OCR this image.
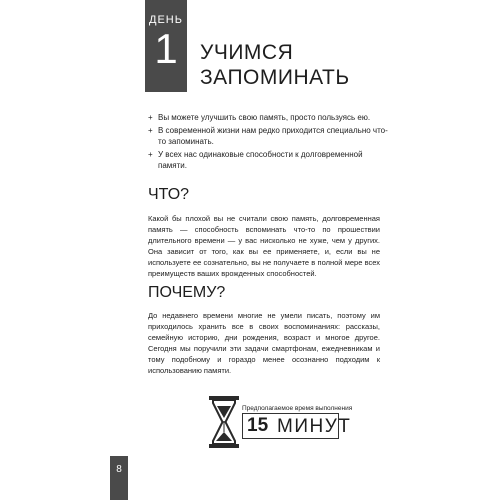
ДЕНЬ
1	УЧИМСЯ
ЗАПОМИНАТЬ
+ Вы можете улучшить свою память, просто пользуясь ею.
+ В современной жизни нам редко приходится специально что-то запоминать.
+ У всех нас одинаковые способности к долговременной памяти.
ЧТО?

Какой бы плохой вы не считали свою память, долговременная память — способность вспоминать что-то по прошествии длительного времени — у вас нисколько не хуже, чем у других. Она зависит от того, как вы ее применяете, и, если вы не используете ее сознательно, вы не получаете в полной мере всех преимуществ ваших врожденных способностей.

ПОЧЕМУ?

До недавнего времени многие не умели писать, поэтому им приходилось хранить все в своих воспоминаниях: рассказы, семейную историю, дни рождения, возраст и многое другое. Сегодня мы поручили эти задачи смартфонам, ежедневникам и тому подобному и гораздо менее осознанно подходим к использованию памяти.

Предполагаемое время выполнения
15 МИНУТ
8
